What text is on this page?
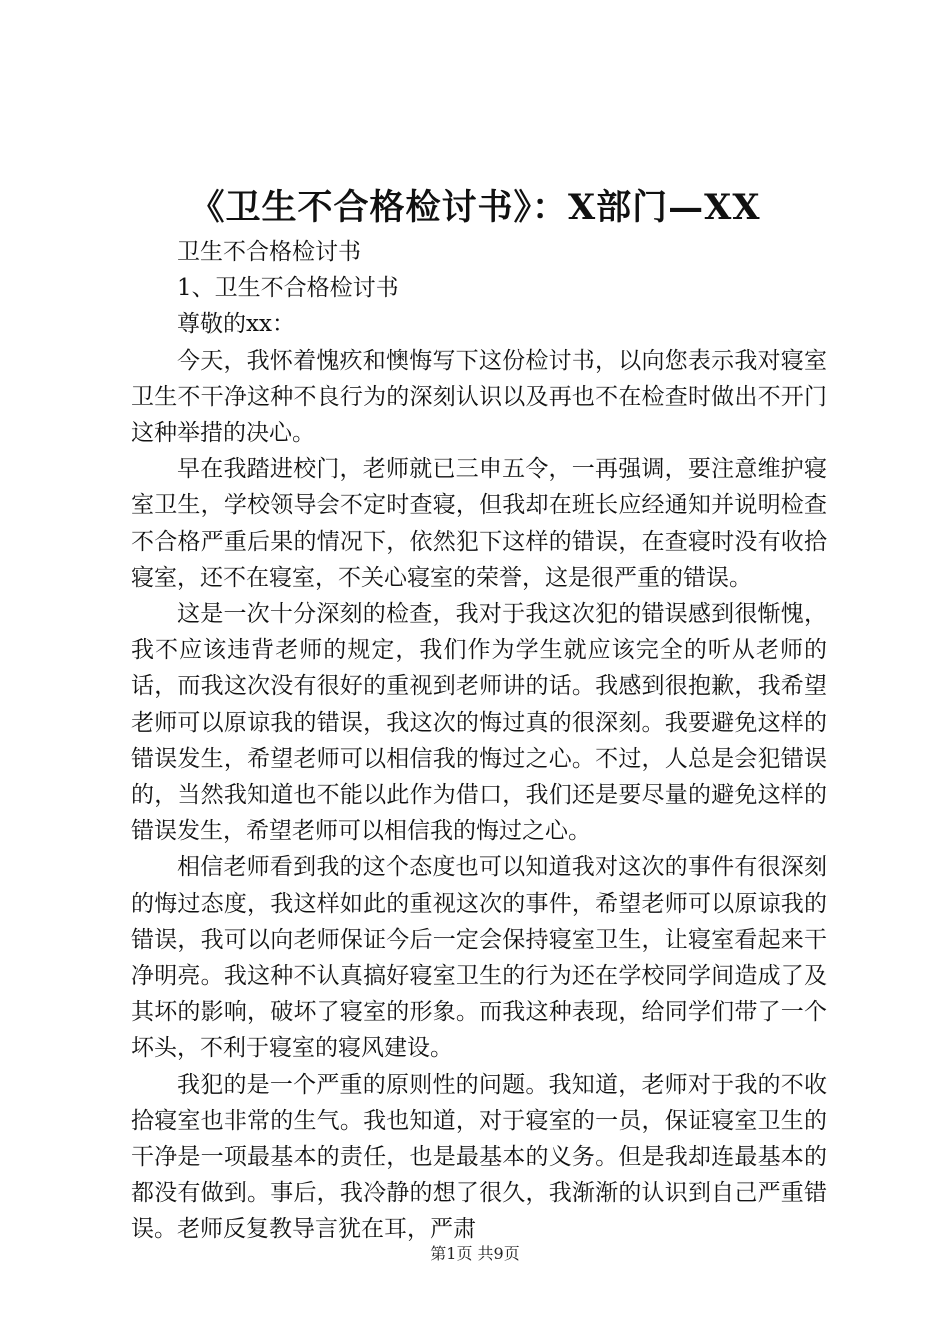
《卫生不合格检讨书》：X部门—XX

卫生不合格检讨书

1、卫生不合格检讨书

尊敬的xx：

今天，我怀着愧疚和懊悔写下这份检讨书，以向您表示我对寝室卫生不干净这种不良行为的深刻认识以及再也不在检查时做出不开门这种举措的决心。

早在我踏进校门，老师就已三申五令，一再强调，要注意维护寝室卫生，学校领导会不定时查寝，但我却在班长应经通知并说明检查不合格严重后果的情况下，依然犯下这样的错误，在查寝时没有收拾寝室，还不在寝室，不关心寝室的荣誉，这是很严重的错误。

这是一次十分深刻的检查，我对于我这次犯的错误感到很惭愧，我不应该违背老师的规定，我们作为学生就应该完全的听从老师的话，而我这次没有很好的重视到老师讲的话。我感到很抱歉，我希望老师可以原谅我的错误，我这次的悔过真的很深刻。我要避免这样的错误发生，希望老师可以相信我的悔过之心。不过，人总是会犯错误的，当然我知道也不能以此作为借口，我们还是要尽量的避免这样的错误发生，希望老师可以相信我的悔过之心。

相信老师看到我的这个态度也可以知道我对这次的事件有很深刻的悔过态度，我这样如此的重视这次的事件，希望老师可以原谅我的错误，我可以向老师保证今后一定会保持寝室卫生，让寝室看起来干净明亮。我这种不认真搞好寝室卫生的行为还在学校同学间造成了及其坏的影响，破坏了寝室的形象。而我这种表现，给同学们带了一个坏头，不利于寝室的寝风建设。

我犯的是一个严重的原则性的问题。我知道，老师对于我的不收拾寝室也非常的生气。我也知道，对于寝室的一员，保证寝室卫生的干净是一项最基本的责任，也是最基本的义务。但是我却连最基本的都没有做到。事后，我冷静的想了很久，我渐渐的认识到自己严重错误。老师反复教导言犹在耳，严肃

第1页 共9页
